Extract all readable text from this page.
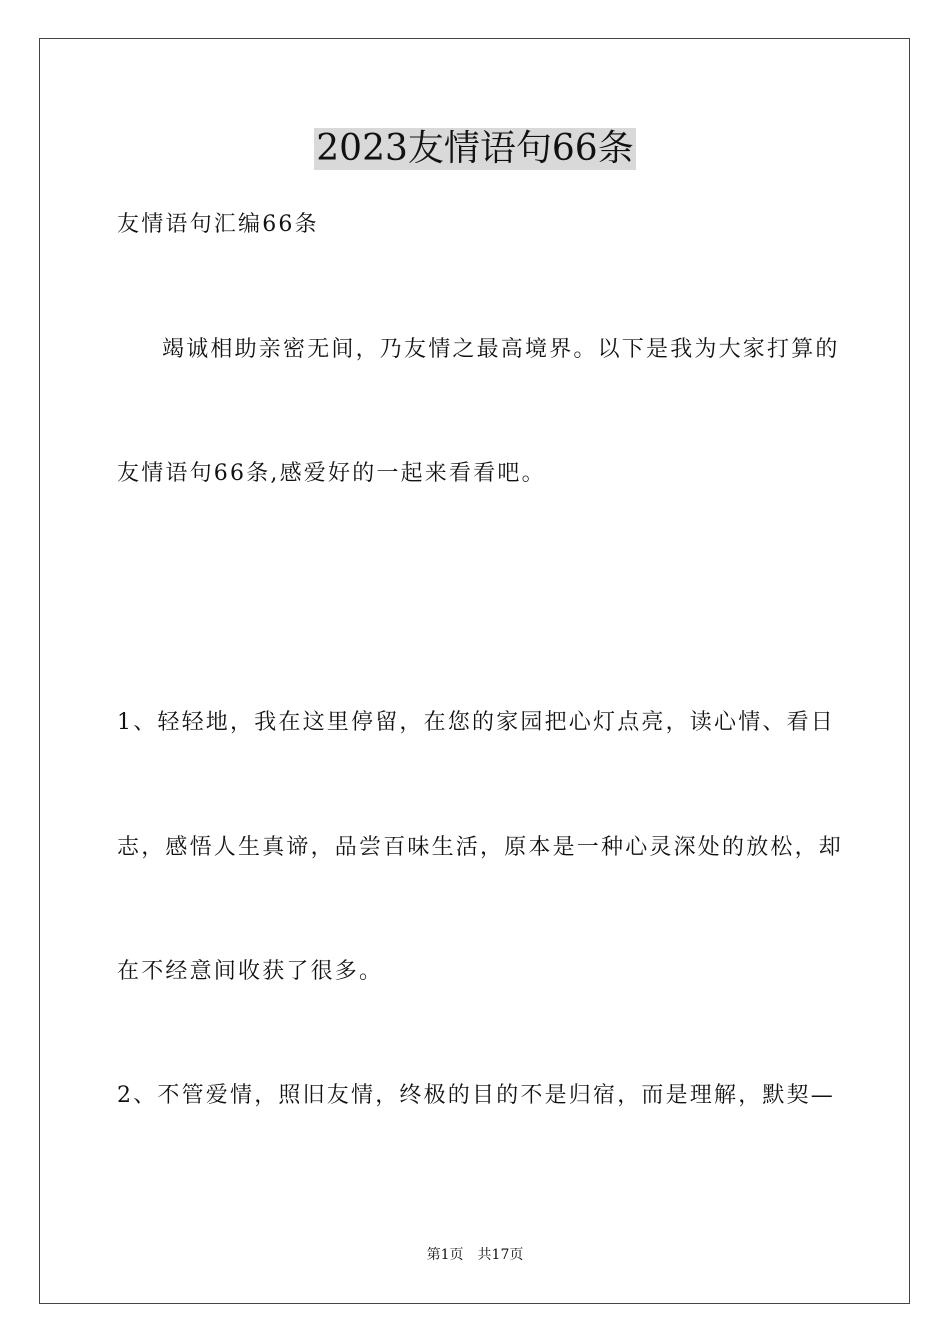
2023友情语句66条
友情语句汇编66条
竭诚相助亲密无间，乃友情之最高境界。以下是我为大家打算的
友情语句66条,感爱好的一起来看看吧。
1、轻轻地，我在这里停留，在您的家园把心灯点亮，读心情、看日
志，感悟人生真谛，品尝百味生活，原本是一种心灵深处的放松，却
在不经意间收获了很多。
2、不管爱情，照旧友情，终极的目的不是归宿，而是理解，默契—
第1页 共17页
